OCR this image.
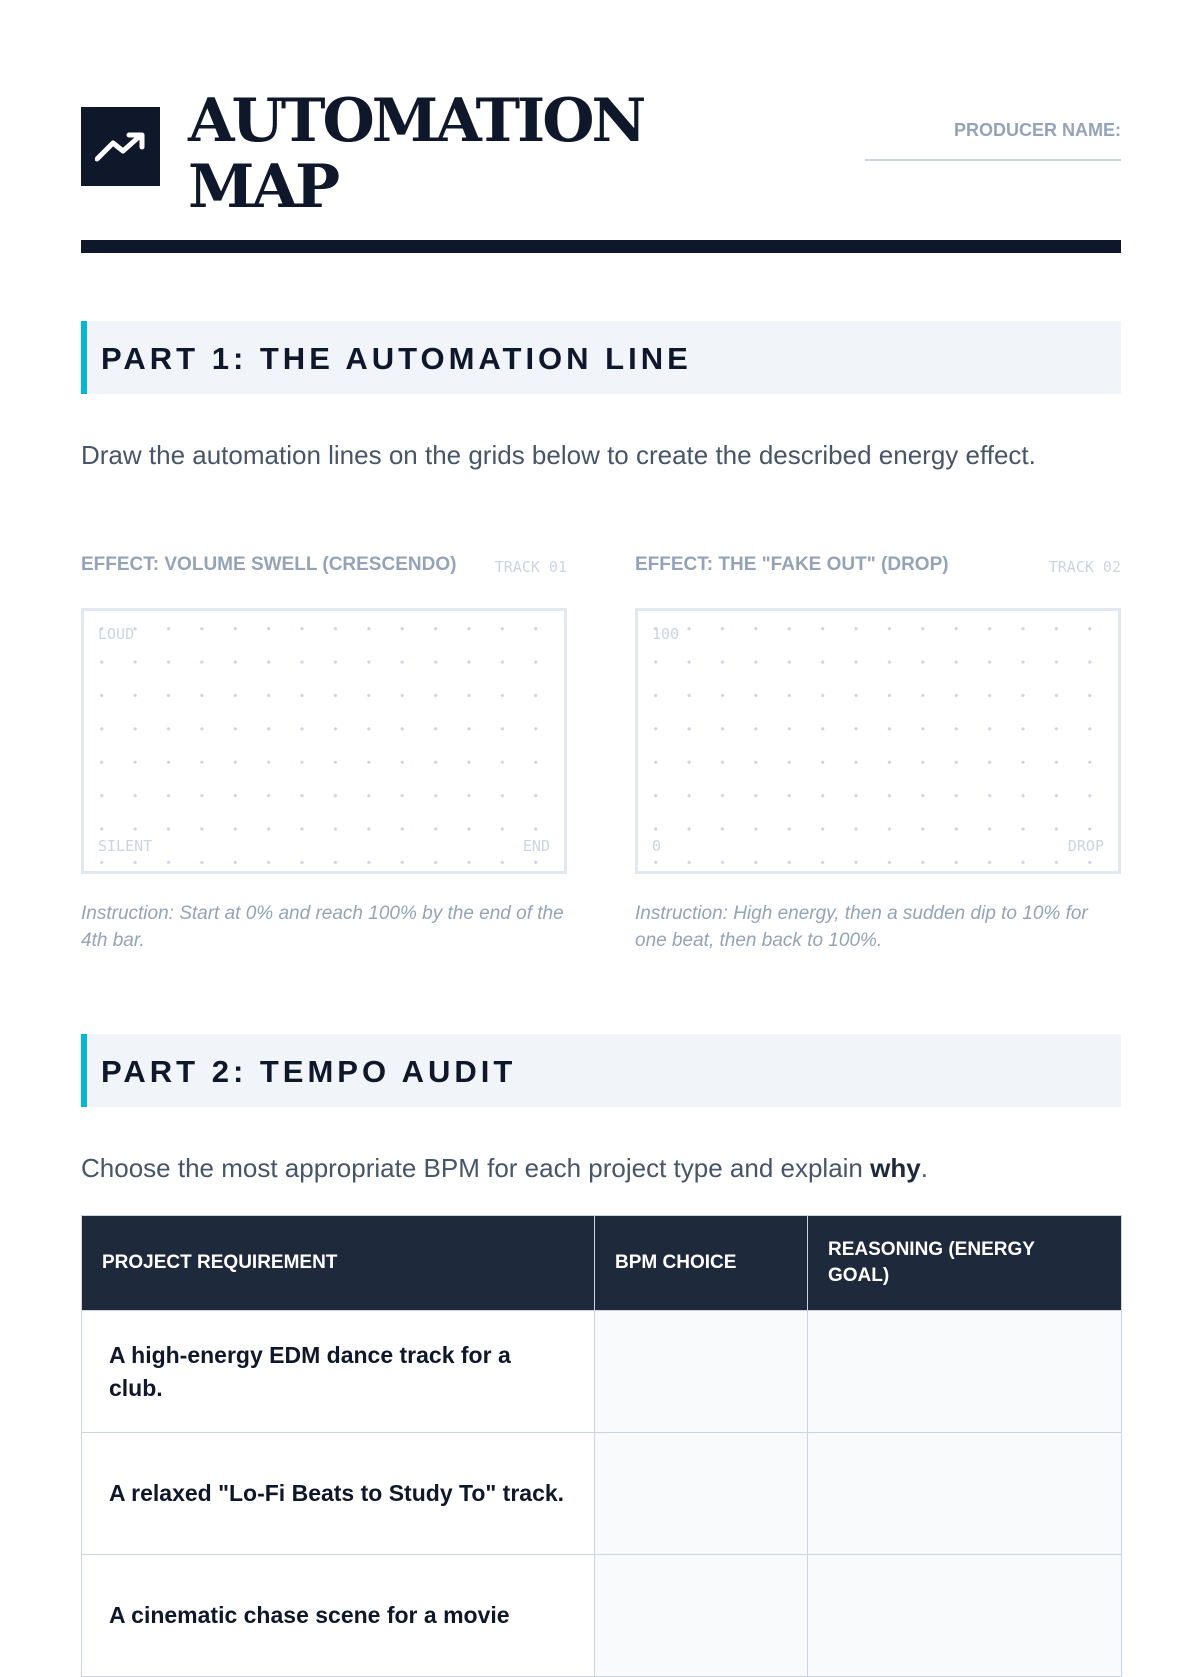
AUTOMATION
MAP
PRODUCER NAME:
PART 1: THE AUTOMATION LINE

Draw the automation lines on the grids below to create the described energy effect.

EFFECT: VOLUME SWELL (CRESCENDO)	TRACK 01
LOUD
SILENT	END

Instruction: Start at 0% and reach 100% by the end of the 4th bar.

EFFECT: THE "FAKE OUT" (DROP)	TRACK 02
100
0	DROP

Instruction: High energy, then a sudden dip to 10% for one beat, then back to 100%.

PART 2: TEMPO AUDIT

Choose the most appropriate BPM for each project type and explain why.

PROJECT REQUIREMENT	BPM CHOICE	REASONING (ENERGY GOAL)
A high-energy EDM dance track for a club.		
A relaxed "Lo-Fi Beats to Study To" track.		
A cinematic chase scene for a movie		
